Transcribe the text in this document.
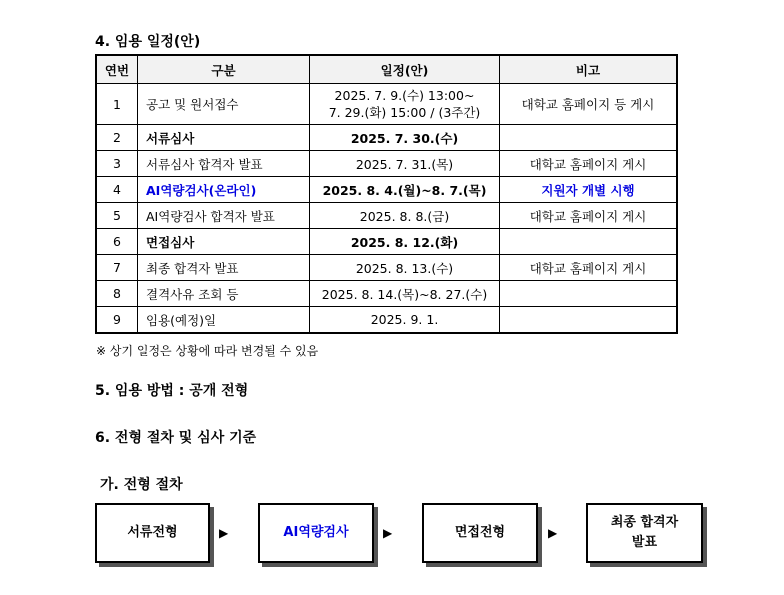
4. 임용 일정(안)
연번	구분	일정(안)	비고
1	공고 및 원서접수	2025. 7. 9.(수) 13:00~
7. 29.(화) 15:00 / (3주간)	대학교 홈페이지 등 게시
2	서류심사	2025. 7. 30.(수)	
3	서류심사 합격자 발표	2025. 7. 31.(목)	대학교 홈페이지 게시
4	AI역량검사(온라인)	2025. 8. 4.(월)~8. 7.(목)	지원자 개별 시행
5	AI역량검사 합격자 발표	2025. 8. 8.(금)	대학교 홈페이지 게시
6	면접심사	2025. 8. 12.(화)	
7	최종 합격자 발표	2025. 8. 13.(수)	대학교 홈페이지 게시
8	결격사유 조회 등	2025. 8. 14.(목)~8. 27.(수)	
9	임용(예정)일	2025. 9. 1.	
※ 상기 일정은 상황에 따라 변경될 수 있음
5. 임용 방법 : 공개 전형
6. 전형 절차 및 심사 기준
가. 전형 절차
서류전형	▶	AI역량검사	▶	면접전형	▶
최종 합격자
발표
